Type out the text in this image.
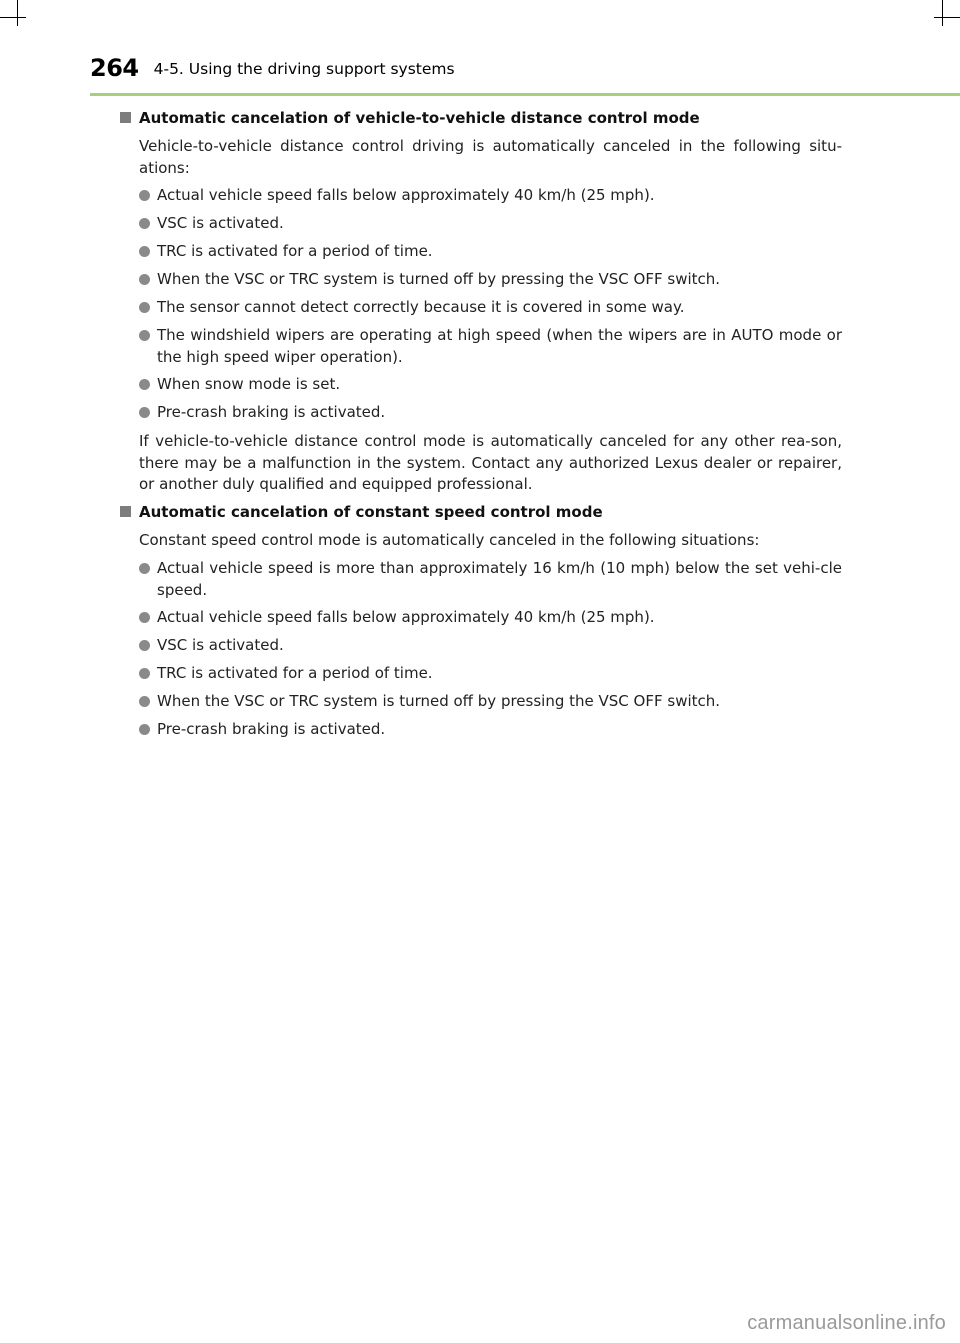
264 4-5. Using the driving support systems
Automatic cancelation of vehicle-to-vehicle distance control mode
Vehicle-to-vehicle distance control driving is automatically canceled in the following situ-ations:
Actual vehicle speed falls below approximately 40 km/h (25 mph).
VSC is activated.
TRC is activated for a period of time.
When the VSC or TRC system is turned off by pressing the VSC OFF switch.
The sensor cannot detect correctly because it is covered in some way.
The windshield wipers are operating at high speed (when the wipers are in AUTO mode or the high speed wiper operation).
When snow mode is set.
Pre-crash braking is activated.
If vehicle-to-vehicle distance control mode is automatically canceled for any other rea-son, there may be a malfunction in the system. Contact any authorized Lexus dealer or repairer, or another duly qualified and equipped professional.
Automatic cancelation of constant speed control mode
Constant speed control mode is automatically canceled in the following situations:
Actual vehicle speed is more than approximately 16 km/h (10 mph) below the set vehi-cle speed.
Actual vehicle speed falls below approximately 40 km/h (25 mph).
VSC is activated.
TRC is activated for a period of time.
When the VSC or TRC system is turned off by pressing the VSC OFF switch.
Pre-crash braking is activated.
carmanualsonline.info
